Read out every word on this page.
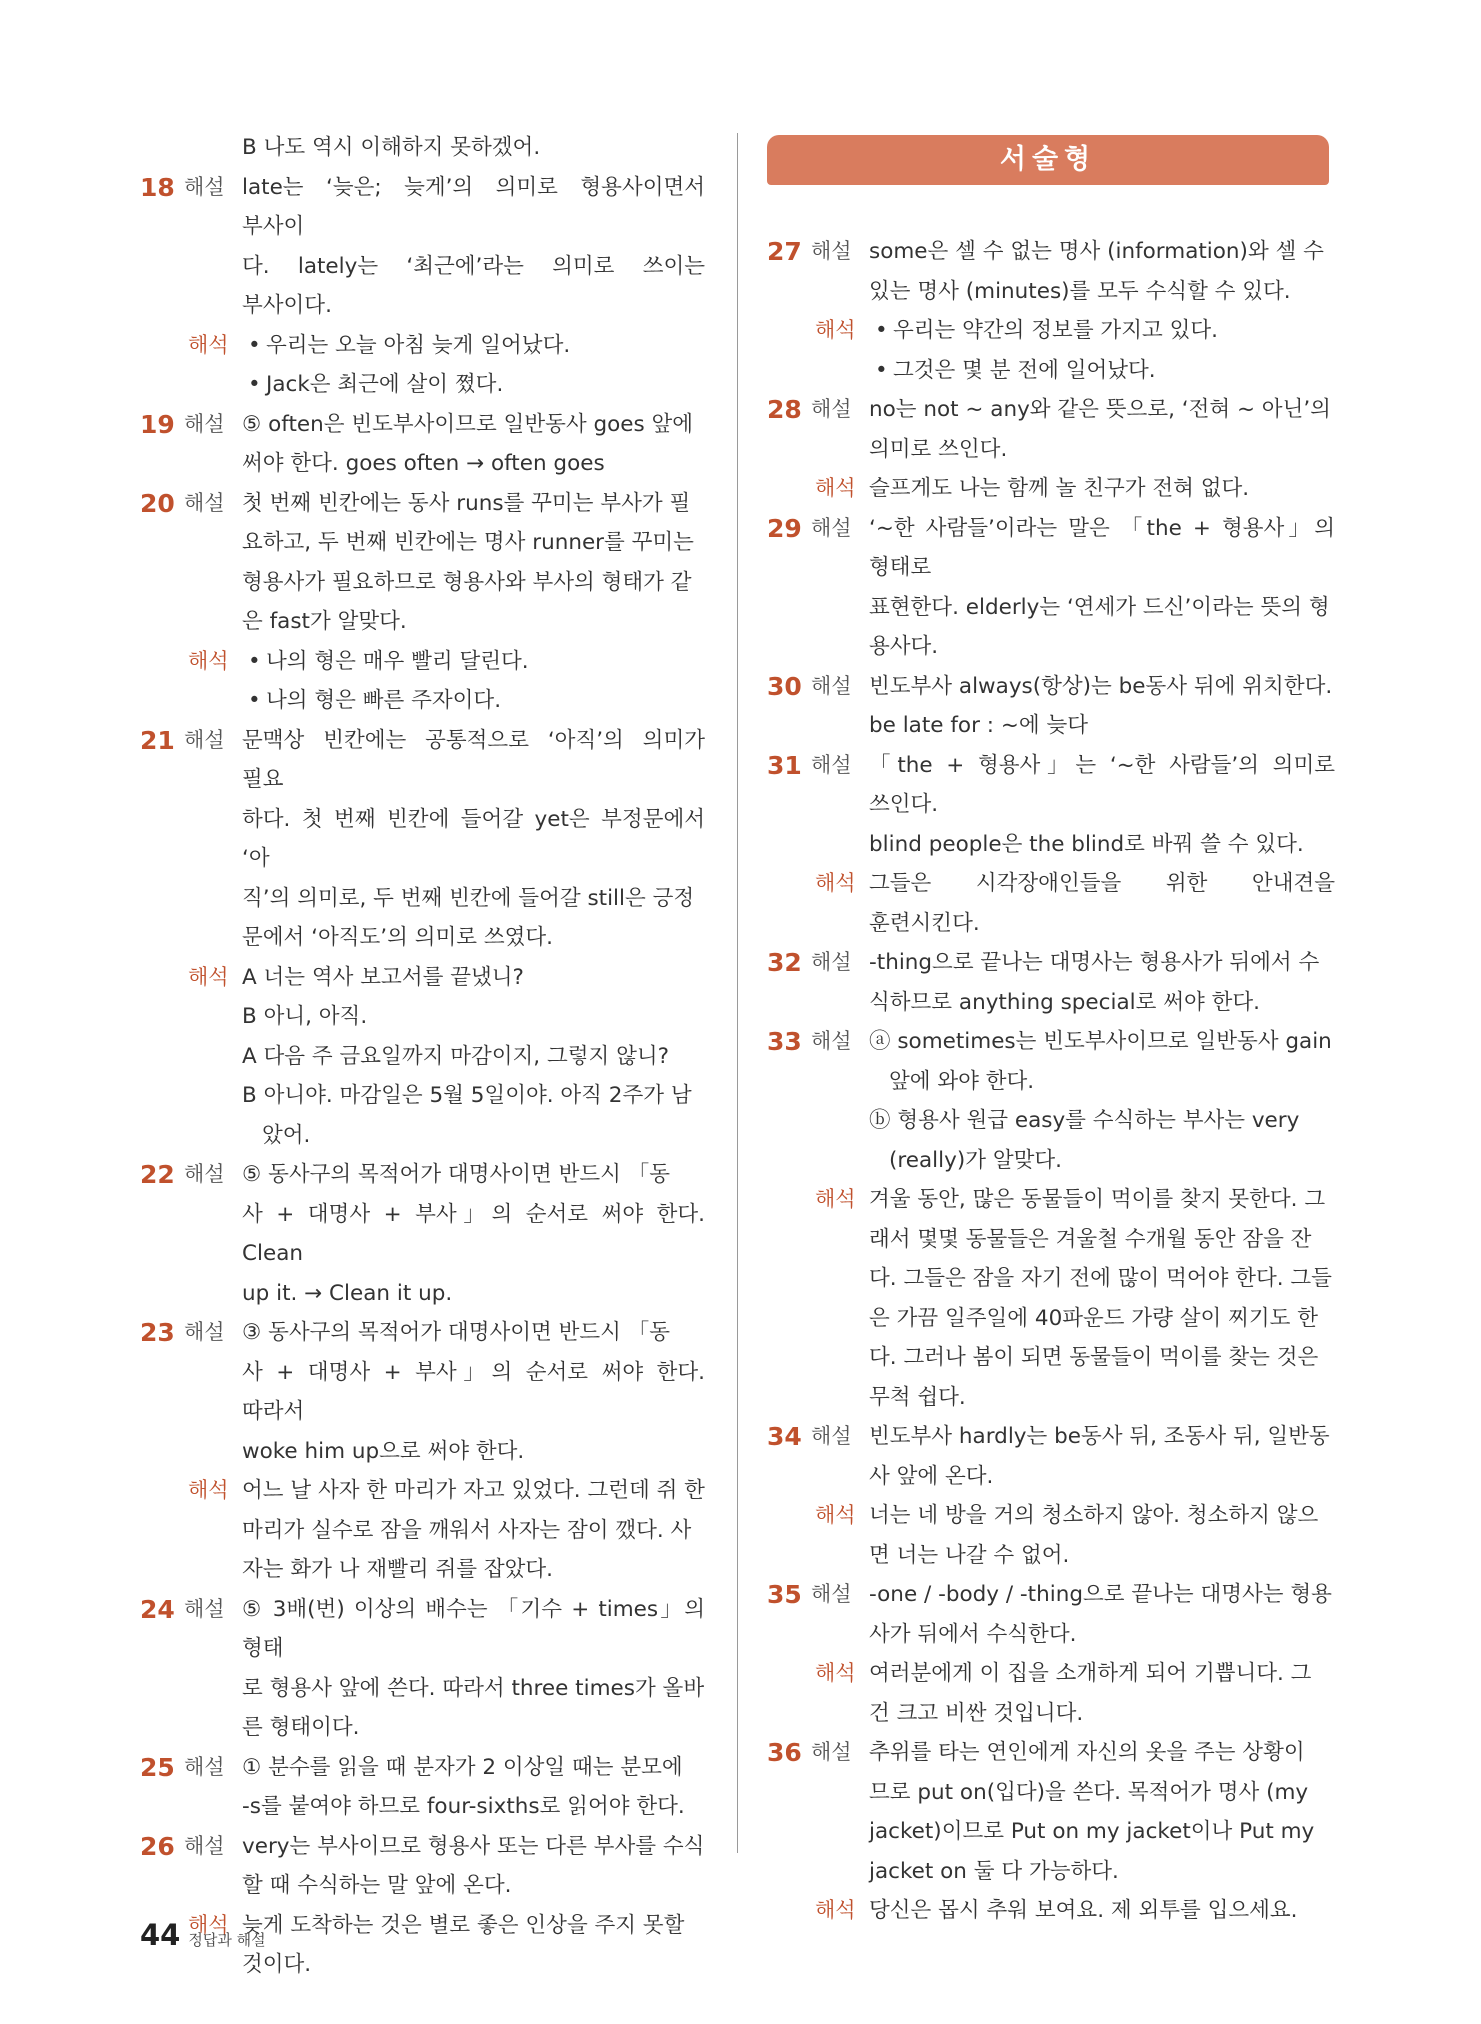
서술형
B 나도 역시 이해하지 못하겠어.
18 해설 late는 ‘늦은; 늦게’의 의미로 형용사이면서 부사이
다. lately는 ‘최근에’라는 의미로 쓰이는 부사이다.
해석	• 우리는 오늘 아침 늦게 일어났다.
• Jack은 최근에 살이 쪘다.
19 해설 ⑤ often은 빈도부사이므로 일반동사 goes 앞에
써야 한다. goes often → often goes
20 해설 첫 번째 빈칸에는 동사 runs를 꾸미는 부사가 필
요하고, 두 번째 빈칸에는 명사 runner를 꾸미는
형용사가 필요하므로 형용사와 부사의 형태가 같
은 fast가 알맞다.
해석	• 나의 형은 매우 빨리 달린다.
• 나의 형은 빠른 주자이다.
21 해설 문맥상 빈칸에는 공통적으로 ‘아직’의 의미가 필요
하다. 첫 번째 빈칸에 들어갈 yet은 부정문에서 ‘아
직’의 의미로, 두 번째 빈칸에 들어갈 still은 긍정
문에서 ‘아직도’의 의미로 쓰였다.
해석 A 너는 역사 보고서를 끝냈니?
B 아니, 아직.
A 다음 주 금요일까지 마감이지, 그렇지 않니?
B 아니야. 마감일은 5월 5일이야. 아직 2주가 남
았어.
22 해설 ⑤ 동사구의 목적어가 대명사이면 반드시 「동
사 + 대명사 + 부사」의 순서로 써야 한다. Clean
up it. → Clean it up.
23 해설 ③ 동사구의 목적어가 대명사이면 반드시 「동
사 + 대명사 + 부사」의 순서로 써야 한다. 따라서
woke him up으로 써야 한다.
해석 어느 날 사자 한 마리가 자고 있었다. 그런데 쥐 한
마리가 실수로 잠을 깨워서 사자는 잠이 깼다. 사
자는 화가 나 재빨리 쥐를 잡았다.
24 해설 ⑤ 3배(번) 이상의 배수는 「기수 + times」의 형태
로 형용사 앞에 쓴다. 따라서 three times가 올바
른 형태이다.
25 해설 ① 분수를 읽을 때 분자가 2 이상일 때는 분모에
-s를 붙여야 하므로 four-sixths로 읽어야 한다.
26 해설 very는 부사이므로 형용사 또는 다른 부사를 수식
할 때 수식하는 말 앞에 온다.
해석 늦게 도착하는 것은 별로 좋은 인상을 주지 못할
것이다.
27 해설 some은 셀 수 없는 명사 (information)와 셀 수
있는 명사 (minutes)를 모두 수식할 수 있다.
해석	• 우리는 약간의 정보를 가지고 있다.
• 그것은 몇 분 전에 일어났다.
28 해설 no는 not ~ any와 같은 뜻으로, ‘전혀 ~ 아닌’의
의미로 쓰인다.
해석 슬프게도 나는 함께 놀 친구가 전혀 없다.
29 해설 ‘~한 사람들’이라는 말은 「the + 형용사」의 형태로
표현한다. elderly는 ‘연세가 드신’이라는 뜻의 형
용사다.
30 해설 빈도부사 always(항상)는 be동사 뒤에 위치한다.
be late for : ~에 늦다
31 해설 「the + 형용사」는 ‘~한 사람들’의 의미로 쓰인다.
blind people은 the blind로 바꿔 쓸 수 있다.
해석 그들은 시각장애인들을 위한 안내견을 훈련시킨다.
32 해설 -thing으로 끝나는 대명사는 형용사가 뒤에서 수
식하므로 anything special로 써야 한다.
33 해설 ⓐ sometimes는 빈도부사이므로 일반동사 gain
앞에 와야 한다.
ⓑ 형용사 원급 easy를 수식하는 부사는 very
(really)가 알맞다.
해석 겨울 동안, 많은 동물들이 먹이를 찾지 못한다. 그
래서 몇몇 동물들은 겨울철 수개월 동안 잠을 잔
다. 그들은 잠을 자기 전에 많이 먹어야 한다. 그들
은 가끔 일주일에 40파운드 가량 살이 찌기도 한
다. 그러나 봄이 되면 동물들이 먹이를 찾는 것은
무척 쉽다.
34 해설 빈도부사 hardly는 be동사 뒤, 조동사 뒤, 일반동
사 앞에 온다.
해석 너는 네 방을 거의 청소하지 않아. 청소하지 않으
면 너는 나갈 수 없어.
35 해설 -one / -body / -thing으로 끝나는 대명사는 형용
사가 뒤에서 수식한다.
해석 여러분에게 이 집을 소개하게 되어 기쁩니다. 그
건 크고 비싼 것입니다.
36 해설 추위를 타는 연인에게 자신의 옷을 주는 상황이
므로 put on(입다)을 쓴다. 목적어가 명사 (my
jacket)이므로 Put on my jacket이나 Put my
jacket on 둘 다 가능하다.
해석 당신은 몹시 추워 보여요. 제 외투를 입으세요.
44 정답과 해설
